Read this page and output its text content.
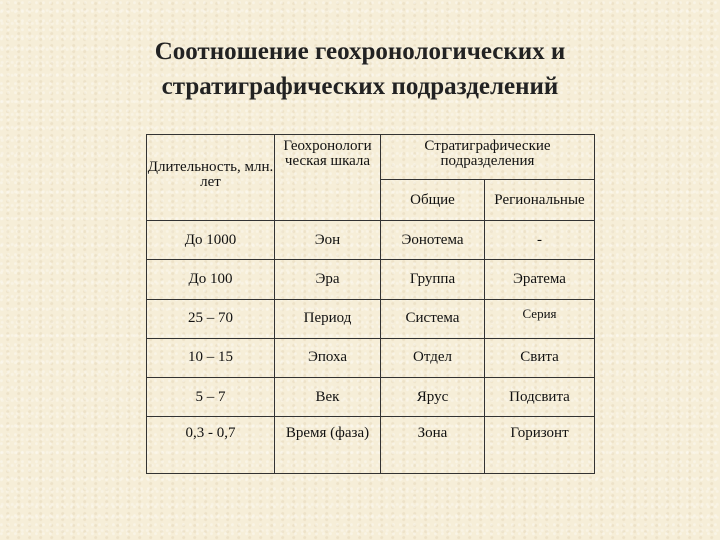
Соотношение геохронологических и
стратиграфических подразделений
Длительность, млн. лет	Геохронологи ческая шкала	Стратиграфические подразделения	
		Общие	Региональные
До 1000	Эон	Эонотема	-
До 100	Эра	Группа	Эратема
25 – 70	Период	Система	Серия
10 – 15	Эпоха	Отдел	Свита
5 – 7	Век	Ярус	Подсвита
0,3 - 0,7	Время (фаза)	Зона	Горизонт
